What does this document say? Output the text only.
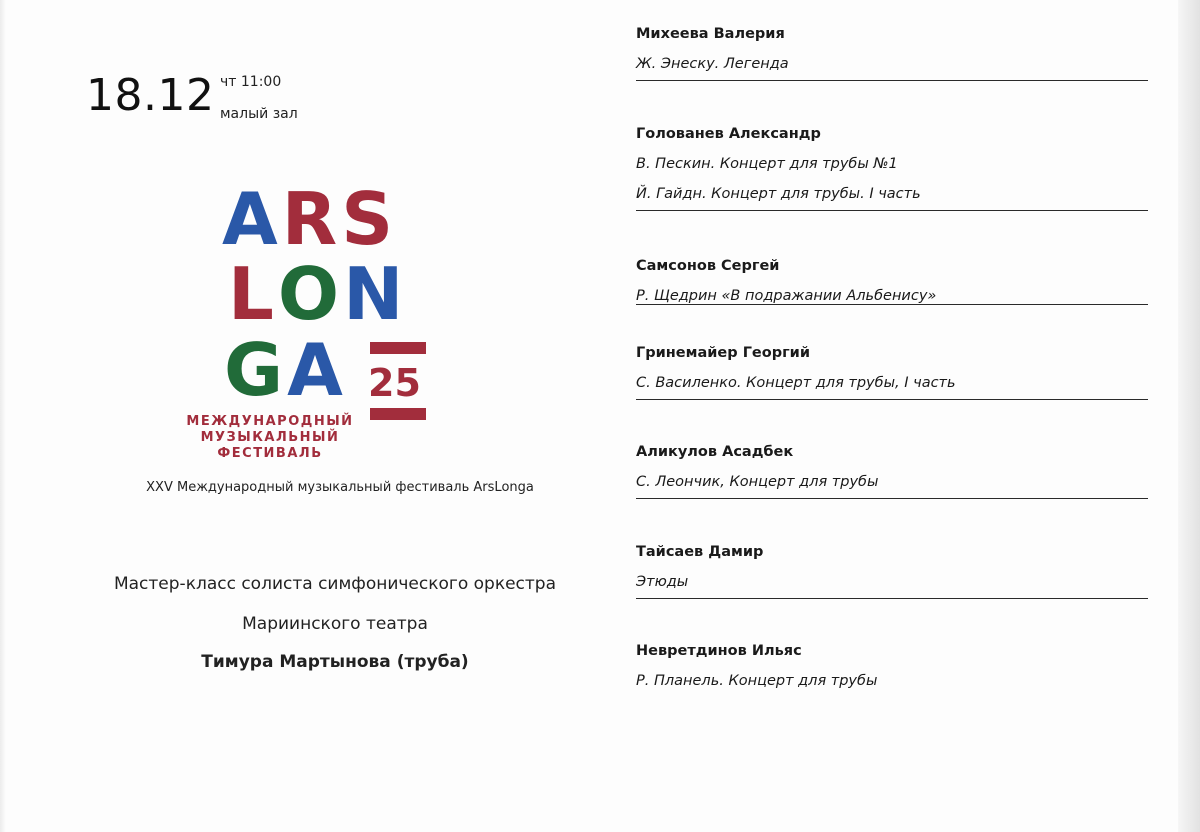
18.12 чт 11:00
малый зал
ARS
LON
GA 25
МЕЖДУНАРОДНЫЙ
МУЗЫКАЛЬНЫЙ
ФЕСТИВАЛЬ
XXV Международный музыкальный фестиваль ArsLonga
Мастер-класс солиста симфонического оркестра
Мариинского театра
Тимура Мартынова (труба)
Михеева Валерия
Ж. Энеску. Легенда
Голованев Александр
В. Пескин. Концерт для трубы №1
Й. Гайдн. Концерт для трубы. I часть
Самсонов Сергей
Р. Щедрин «В подражании Альбенису»
Гринемайер Георгий
С. Василенко. Концерт для трубы, I часть
Аликулов Асадбек
С. Леончик, Концерт для трубы
Тайсаев Дамир
Этюды
Невретдинов Ильяс
Р. Планель. Концерт для трубы
